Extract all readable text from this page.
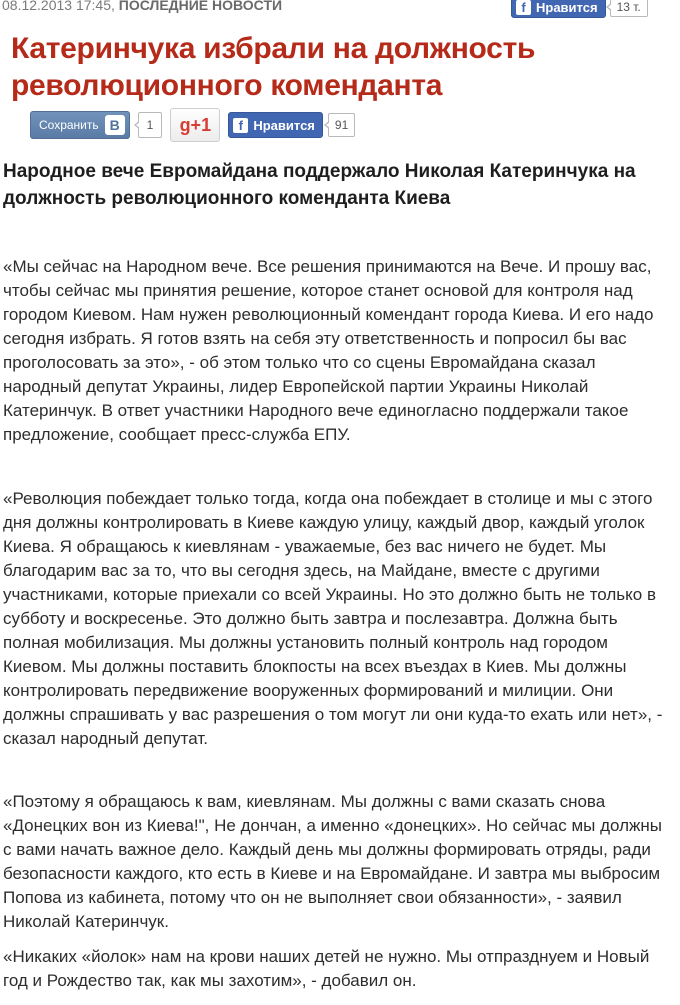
08.12.2013 17:45, ПОСЛЕДНИЕ НОВОСТИ	f Нравится	13 т.
Катеринчука избрали на должность революционного коменданта
Сохранить В	1	g+1	f Нравится	91

Народное вече Евромайдана поддержало Николая Катеринчука на должность революционного коменданта Киева

«Мы сейчас на Народном вече. Все решения принимаются на Вече. И прошу вас, чтобы сейчас мы принятия решение, которое станет основой для контроля над городом Киевом. Нам нужен революционный комендант города Киева. И его надо сегодня избрать. Я готов взять на себя эту ответственность и попросил бы вас проголосовать за это», - об этом только что со сцены Евромайдана сказал народный депутат Украины, лидер Европейской партии Украины Николай Катеринчук. В ответ участники Народного вече единогласно поддержали такое предложение, сообщает пресс-служба ЕПУ.

«Революция побеждает только тогда, когда она побеждает в столице и мы с этого дня должны контролировать в Киеве каждую улицу, каждый двор, каждый уголок Киева. Я обращаюсь к киевлянам - уважаемые, без вас ничего не будет. Мы благодарим вас за то, что вы сегодня здесь, на Майдане, вместе с другими участниками, которые приехали со всей Украины. Но это должно быть не только в субботу и воскресенье. Это должно быть завтра и послезавтра. Должна быть полная мобилизация. Мы должны установить полный контроль над городом Киевом. Мы должны поставить блокпосты на всех въездах в Киев. Мы должны контролировать передвижение вооруженных формирований и милиции. Они должны спрашивать у вас разрешения о том могут ли они куда-то ехать или нет», - сказал народный депутат.

«Поэтому я обращаюсь к вам, киевлянам. Мы должны с вами сказать снова «Донецких вон из Киева!", Не дончан, а именно «донецких». Но сейчас мы должны с вами начать важное дело. Каждый день мы должны формировать отряды, ради безопасности каждого, кто есть в Киеве и на Евромайдане. И завтра мы выбросим Попова из кабинета, потому что он не выполняет свои обязанности», - заявил Николай Катеринчук.

«Никаких «йолок» нам на крови наших детей не нужно. Мы отпразднуем и Новый год и Рождество так, как мы захотим», - добавил он.
